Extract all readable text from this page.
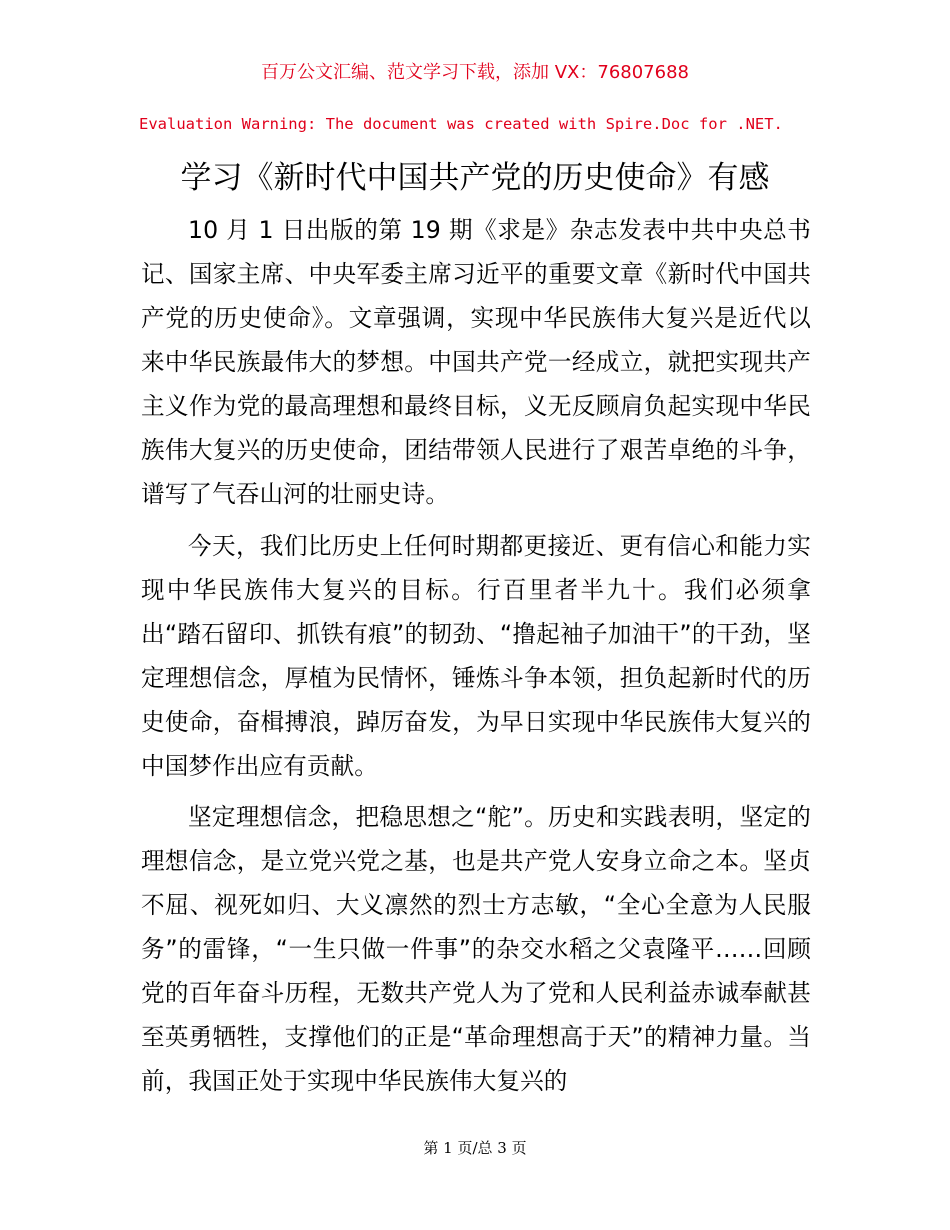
百万公文汇编、范文学习下载，添加 VX：76807688
Evaluation Warning: The document was created with Spire.Doc for .NET.
学习《新时代中国共产党的历史使命》有感

10 月 1 日出版的第 19 期《求是》杂志发表中共中央总书记、国家主席、中央军委主席习近平的重要文章《新时代中国共产党的历史使命》。文章强调，实现中华民族伟大复兴是近代以来中华民族最伟大的梦想。中国共产党一经成立，就把实现共产主义作为党的最高理想和最终目标，义无反顾肩负起实现中华民族伟大复兴的历史使命，团结带领人民进行了艰苦卓绝的斗争，谱写了气吞山河的壮丽史诗。

今天，我们比历史上任何时期都更接近、更有信心和能力实现中华民族伟大复兴的目标。行百里者半九十。我们必须拿出“踏石留印、抓铁有痕”的韧劲、“撸起袖子加油干”的干劲，坚定理想信念，厚植为民情怀，锤炼斗争本领，担负起新时代的历史使命，奋楫搏浪，踔厉奋发，为早日实现中华民族伟大复兴的中国梦作出应有贡献。

坚定理想信念，把稳思想之“舵”。历史和实践表明，坚定的理想信念，是立党兴党之基，也是共产党人安身立命之本。坚贞不屈、视死如归、大义凛然的烈士方志敏，“全心全意为人民服务”的雷锋，“一生只做一件事”的杂交水稻之父袁隆平……回顾党的百年奋斗历程，无数共产党人为了党和人民利益赤诚奉献甚至英勇牺牲，支撑他们的正是“革命理想高于天”的精神力量。当前，我国正处于实现中华民族伟大复兴的

第 1 页/总 3 页
